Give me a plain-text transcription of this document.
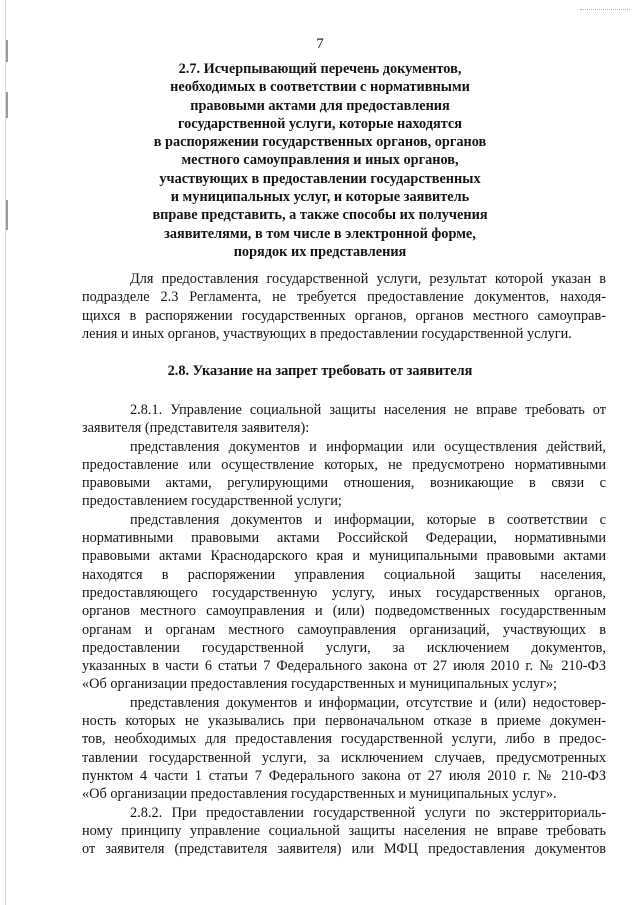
7
2.7. Исчерпывающий перечень документов,
необходимых в соответствии с нормативными
правовыми актами для предоставления
государственной услуги, которые находятся
в распоряжении государственных органов, органов
местного самоуправления и иных органов,
участвующих в предоставлении государственных
и муниципальных услуг, и которые заявитель
вправе представить, а также способы их получения
заявителями, в том числе в электронной форме,
порядок их представления
Для предоставления государственной услуги, результат которой указан в
подразделе 2.3 Регламента, не требуется предоставление документов, находя-
щихся в распоряжении государственных органов, органов местного самоупрaв-
ления и иных органов, участвующих в предоставлении государственной услуги.
2.8. Указание на запрет требовать от заявителя
2.8.1. Управление социальной защиты населения не вправе требовать от
заявителя (представителя заявителя):
представления документов и информации или осуществления действий,
предоставление или осуществление которых, не предусмотрено нормативными
правовыми актами, регулирующими отношения, возникающие в связи с
предоставлением государственной услуги;
представления документов и информации, которые в соответствии с
нормативными правовыми актами Российской Федерации, нормативными
правовыми актами Краснодарского края и муниципальными правовыми актами
находятся в распоряжении управления социальной защиты населения,
предоставляющего государственную услугу, иных государственных органов,
органов местного самоуправления и (или) подведомственных государственным
органам и органам местного самоуправления организаций, участвующих в
предоставлении государственной услуги, за исключением документов,
указанных в части 6 статьи 7 Федерального закона от 27 июля 2010 г. № 210-ФЗ
«Об организации предоставления государственных и муниципальных услуг»;
представления документов и информации, отсутствие и (или) недостовер-
ность которых не указывались при первоначальном отказе в приеме докумен-
тов, необходимых для предоставления государственной услуги, либо в предос-
тавлении государственной услуги, за исключением случаев, предусмотренных
пунктом 4 части 1 статьи 7 Федерального закона от 27 июля 2010 г. № 210-ФЗ
«Об организации предоставления государственных и муниципальных услуг».
2.8.2. При предоставлении государственной услуги по экстерриториаль-
ному принципу управление социальной защиты населения не вправе требовать
от заявителя (представителя заявителя) или МФЦ предоставления документов
